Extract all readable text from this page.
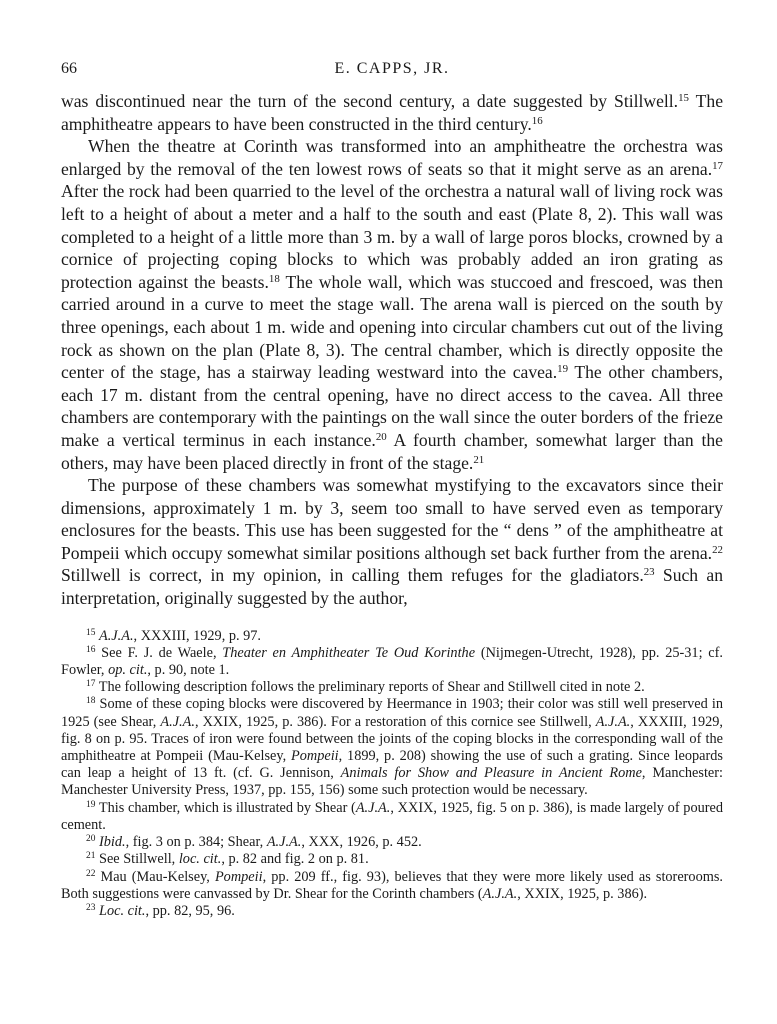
66	E. CAPPS, JR.

was discontinued near the turn of the second century, a date suggested by Stillwell.$^{15}$ The amphitheatre appears to have been constructed in the third century.$^{16}$

When the theatre at Corinth was transformed into an amphitheatre the orchestra was enlarged by the removal of the ten lowest rows of seats so that it might serve as an arena.$^{17}$ After the rock had been quarried to the level of the orchestra a natural wall of living rock was left to a height of about a meter and a half to the south and east (Plate 8, 2). This wall was completed to a height of a little more than 3 m. by a wall of large poros blocks, crowned by a cornice of projecting coping blocks to which was probably added an iron grating as protection against the beasts.$^{18}$ The whole wall, which was stuccoed and frescoed, was then carried around in a curve to meet the stage wall. The arena wall is pierced on the south by three openings, each about 1 m. wide and opening into circular chambers cut out of the living rock as shown on the plan (Plate 8, 3). The central chamber, which is directly opposite the center of the stage, has a stairway leading westward into the cavea.$^{19}$ The other chambers, each 17 m. distant from the central opening, have no direct access to the cavea. All three chambers are contemporary with the paintings on the wall since the outer borders of the frieze make a vertical terminus in each instance.$^{20}$ A fourth chamber, somewhat larger than the others, may have been placed directly in front of the stage.$^{21}$

The purpose of these chambers was somewhat mystifying to the excavators since their dimensions, approximately 1 m. by 3, seem too small to have served even as temporary enclosures for the beasts. This use has been suggested for the “ dens ” of the amphitheatre at Pompeii which occupy somewhat similar positions although set back further from the arena.$^{22}$ Stillwell is correct, in my opinion, in calling them refuges for the gladiators.$^{23}$ Such an interpretation, originally suggested by the author,

$^{15}$ A.J.A., XXXIII, 1929, p. 97.

$^{16}$ See F. J. de Waele, Theater en Amphitheater Te Oud Korinthe (Nijmegen-Utrecht, 1928), pp. 25-31; cf. Fowler, op. cit., p. 90, note 1.

$^{17}$ The following description follows the preliminary reports of Shear and Stillwell cited in note 2.

$^{18}$ Some of these coping blocks were discovered by Heermance in 1903; their color was still well preserved in 1925 (see Shear, A.J.A., XXIX, 1925, p. 386). For a restoration of this cornice see Stillwell, A.J.A., XXXIII, 1929, fig. 8 on p. 95. Traces of iron were found between the joints of the coping blocks in the corresponding wall of the amphitheatre at Pompeii (Mau-Kelsey, Pompeii, 1899, p. 208) showing the use of such a grating. Since leopards can leap a height of 13 ft. (cf. G. Jennison, Animals for Show and Pleasure in Ancient Rome, Manchester: Manchester University Press, 1937, pp. 155, 156) some such protection would be necessary.

$^{19}$ This chamber, which is illustrated by Shear (A.J.A., XXIX, 1925, fig. 5 on p. 386), is made largely of poured cement.

$^{20}$ Ibid., fig. 3 on p. 384; Shear, A.J.A., XXX, 1926, p. 452.

$^{21}$ See Stillwell, loc. cit., p. 82 and fig. 2 on p. 81.

$^{22}$ Mau (Mau-Kelsey, Pompeii, pp. 209 ff., fig. 93), believes that they were more likely used as storerooms. Both suggestions were canvassed by Dr. Shear for the Corinth chambers (A.J.A., XXIX, 1925, p. 386).

$^{23}$ Loc. cit., pp. 82, 95, 96.
